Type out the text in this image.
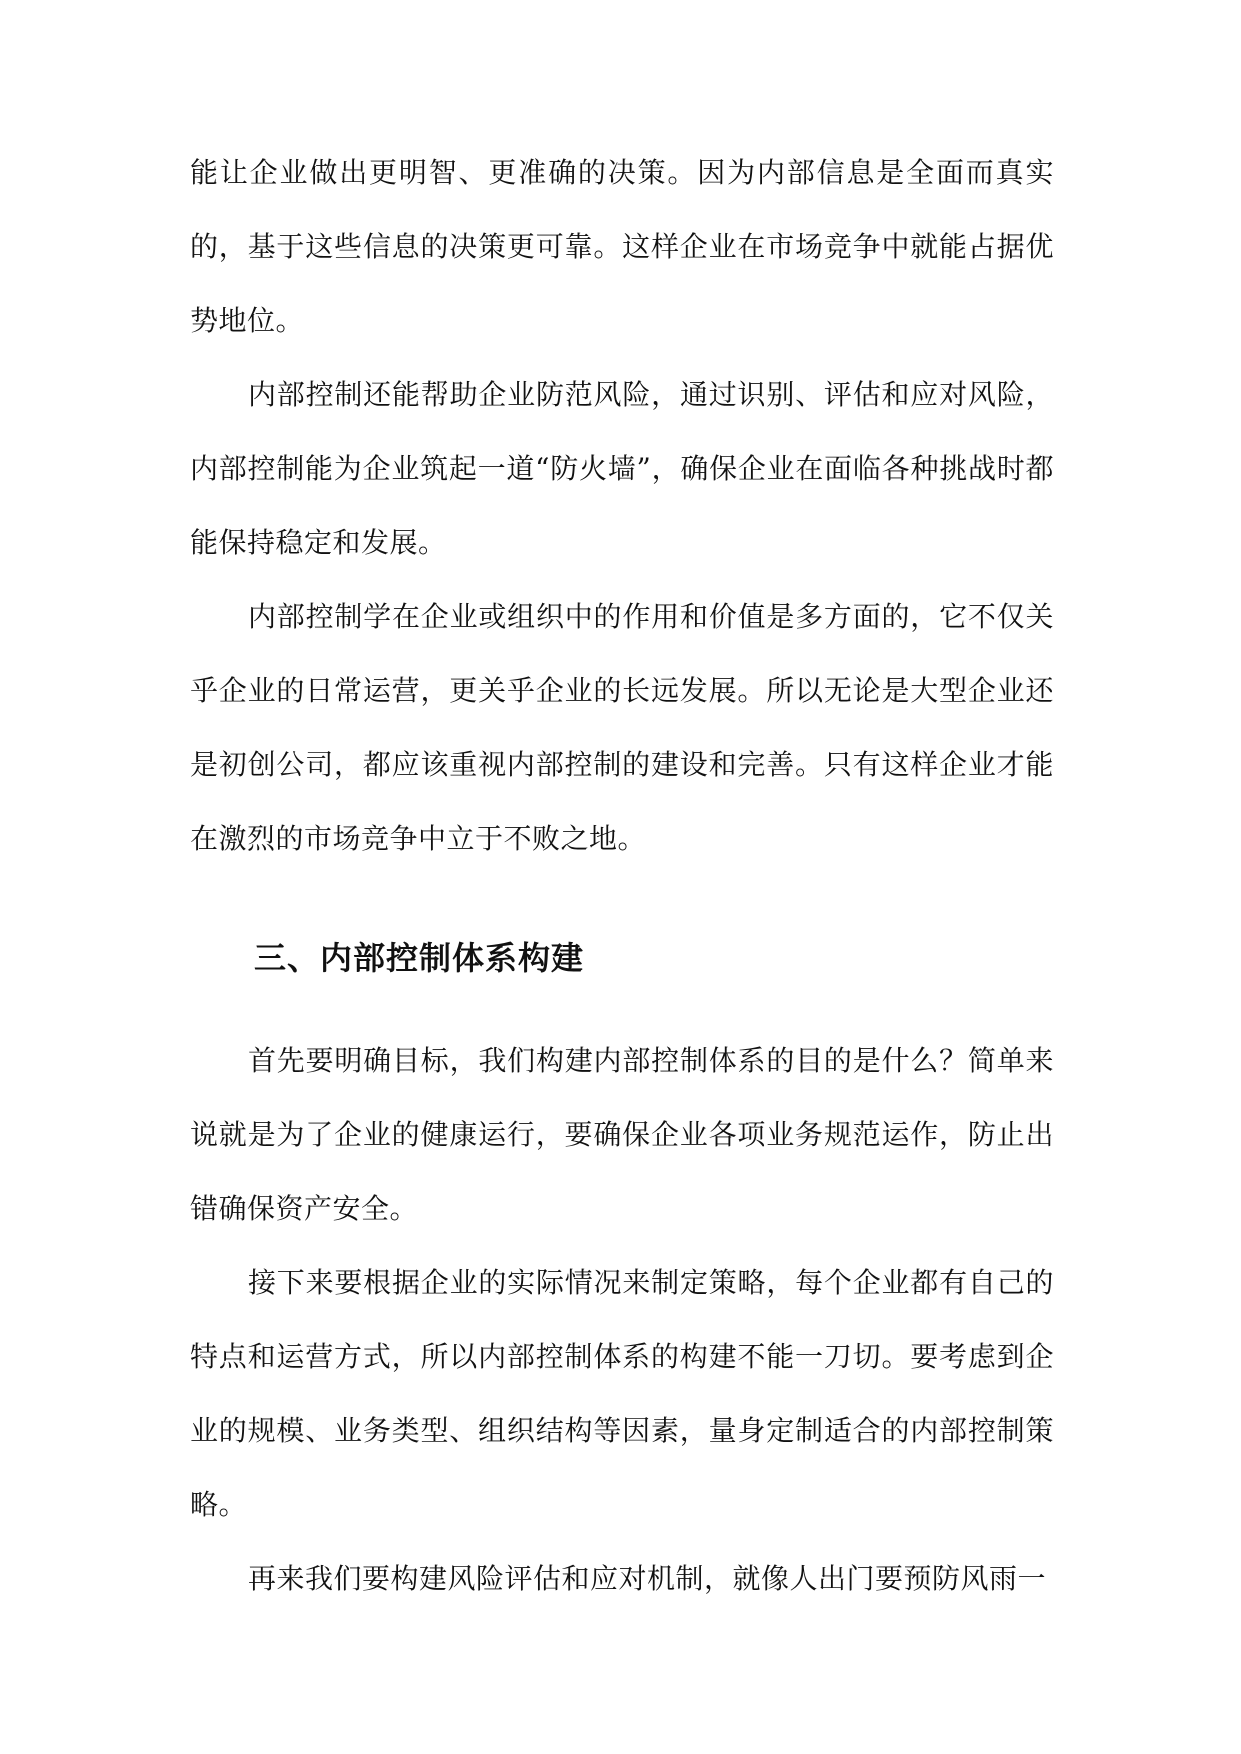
能让企业做出更明智、更准确的决策。因为内部信息是全面而真实的，基于这些信息的决策更可靠。这样企业在市场竞争中就能占据优势地位。

内部控制还能帮助企业防范风险，通过识别、评估和应对风险，内部控制能为企业筑起一道“防火墙”，确保企业在面临各种挑战时都能保持稳定和发展。

内部控制学在企业或组织中的作用和价值是多方面的，它不仅关乎企业的日常运营，更关乎企业的长远发展。所以无论是大型企业还是初创公司，都应该重视内部控制的建设和完善。只有这样企业才能在激烈的市场竞争中立于不败之地。

三、内部控制体系构建

首先要明确目标，我们构建内部控制体系的目的是什么？简单来说就是为了企业的健康运行，要确保企业各项业务规范运作，防止出错确保资产安全。

接下来要根据企业的实际情况来制定策略，每个企业都有自己的特点和运营方式，所以内部控制体系的构建不能一刀切。要考虑到企业的规模、业务类型、组织结构等因素，量身定制适合的内部控制策略。

再来我们要构建风险评估和应对机制，就像人出门要预防风雨一
